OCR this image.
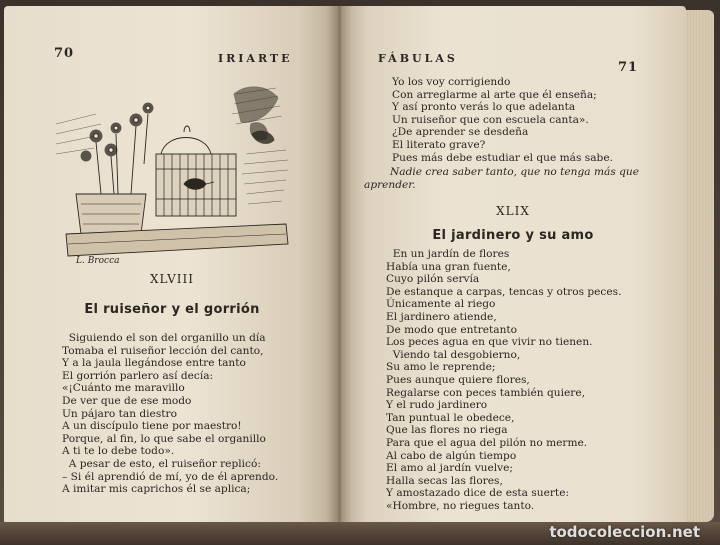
70	IRIARTE
L. Brocca
XLVIII
El ruiseñor y el gorrión
Siguiendo el son del organillo un día
Tomaba el ruiseñor lección del canto,
Y a la jaula llegándose entre tanto
El gorrión parlero así decía:
«¡Cuánto me maravillo
De ver que de ese modo
Un pájaro tan diestro
A un discípulo tiene por maestro!
Porque, al fin, lo que sabe el organillo
A ti te lo debe todo».
A pesar de esto, el ruiseñor replicó:
– Si él aprendió de mí, yo de él aprendo.
A imitar mis caprichos él se aplica;
FÁBULAS
71
Yo los voy corrigiendo
Con arreglarme al arte que él enseña;
Y así pronto verás lo que adelanta
Un ruiseñor que con escuela canta».
¿De aprender se desdeña
El literato grave?
Pues más debe estudiar el que más sabe.
Nadie crea saber tanto, que no tenga más que aprender.
XLIX
El jardinero y su amo
En un jardín de flores
Había una gran fuente,
Cuyo pilón servía
De estanque a carpas, tencas y otros peces.
Únicamente al riego
El jardinero atiende,
De modo que entretanto
Los peces agua en que vivir no tienen.
Viendo tal desgobierno,
Su amo le reprende;
Pues aunque quiere flores,
Regalarse con peces también quiere,
Y el rudo jardinero
Tan puntual le obedece,
Que las flores no riega
Para que el agua del pilón no merme.
Al cabo de algún tiempo
El amo al jardín vuelve;
Halla secas las flores,
Y amostazado dice de esta suerte:
«Hombre, no riegues tanto.
todocoleccion.net
